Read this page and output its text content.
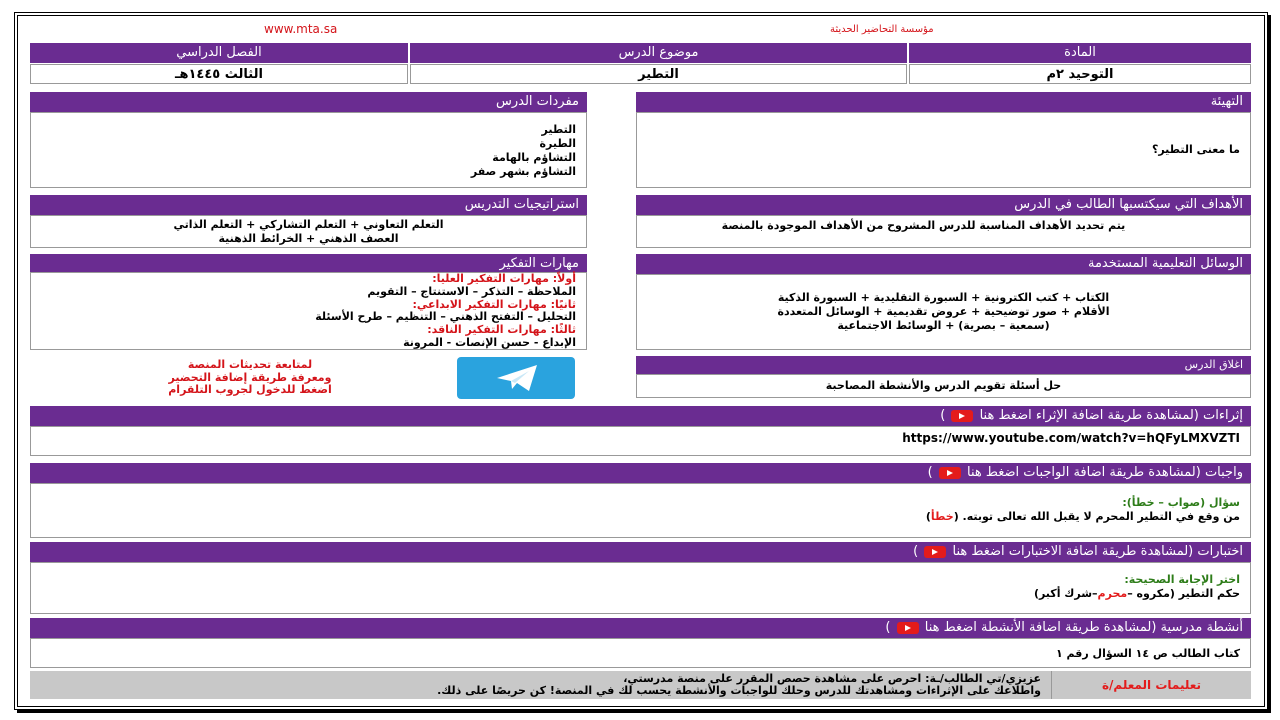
www.mta.sa	مؤسسة التحاضير الحديثة
المادة
موضوع الدرس
الفصل الدراسي
التوحيد ٢م
التطير
الثالث ١٤٤٥هـ
التهيئة
ما معنى التطير؟
مفردات الدرس
التطير
الطيرة
التشاؤم بالهامة
التشاؤم بشهر صفر
الأهداف التي سيكتسبها الطالب في الدرس
يتم تحديد الأهداف المناسبة للدرس المشروح من الأهداف الموجودة بالمنصة
استراتيجيات التدريس
التعلم التعاوني + التعلم التشاركي + التعلم الذاتي
العصف الذهني + الخرائط الذهنية
الوسائل التعليمية المستخدمة
الكتاب + كتب الكترونية + السبورة التقليدية + السبورة الذكية
الأقلام + صور توضيحية + عروض تقديمية + الوسائل المتعددة
(سمعية – بصرية) + الوسائط الاجتماعية
مهارات التفكير
أولاً: مهارات التفكير العليا:
الملاحظة – التذكر – الاستنتاج – التقويم
ثانيًا: مهارات التفكير الابداعي:
التحليل – التفتح الذهني – التنظيم – طرح الأسئلة
ثالثًا: مهارات التفكير الناقد:
الإبداع - حسن الإنصات - المرونة
لمتابعة تحديثات المنصة
ومعرفة طريقة إضافة التحضير
اضغط للدخول لجروب التلقرام
اغلاق الدرس
حل أسئلة تقويم الدرس والأنشطة المصاحبة
إثراءات (لمشاهدة طريقة اضافة الإثراء اضغط هنا  )
https://www.youtube.com/watch?v=hQFyLMXVZTI
واجبات (لمشاهدة طريقة اضافة الواجبات اضغط هنا  )
سؤال (صواب – خطأ):
من وقع في التطير المحرم لا يقبل الله تعالى توبته. (خطأ)
اختبارات (لمشاهدة طريقة اضافة الاختبارات اضغط هنا  )
اختر الإجابة الصحيحة:
حكم التطير (مكروه –محرم–شرك أكبر)
أنشطة مدرسية (لمشاهدة طريقة اضافة الأنشطة اضغط هنا  )
كتاب الطالب ص ١٤ السؤال رقم ١
تعليمات المعلم/ة
عزيزي/تي الطالب/ـة: احرص على مشاهدة حصص المقرر على منصة مدرستي،
واطلاعك على الإثراءات ومشاهدتك للدرس وحلك للواجبات والأنشطة يحسب لك في المنصة! كن حريصًا على ذلك.
